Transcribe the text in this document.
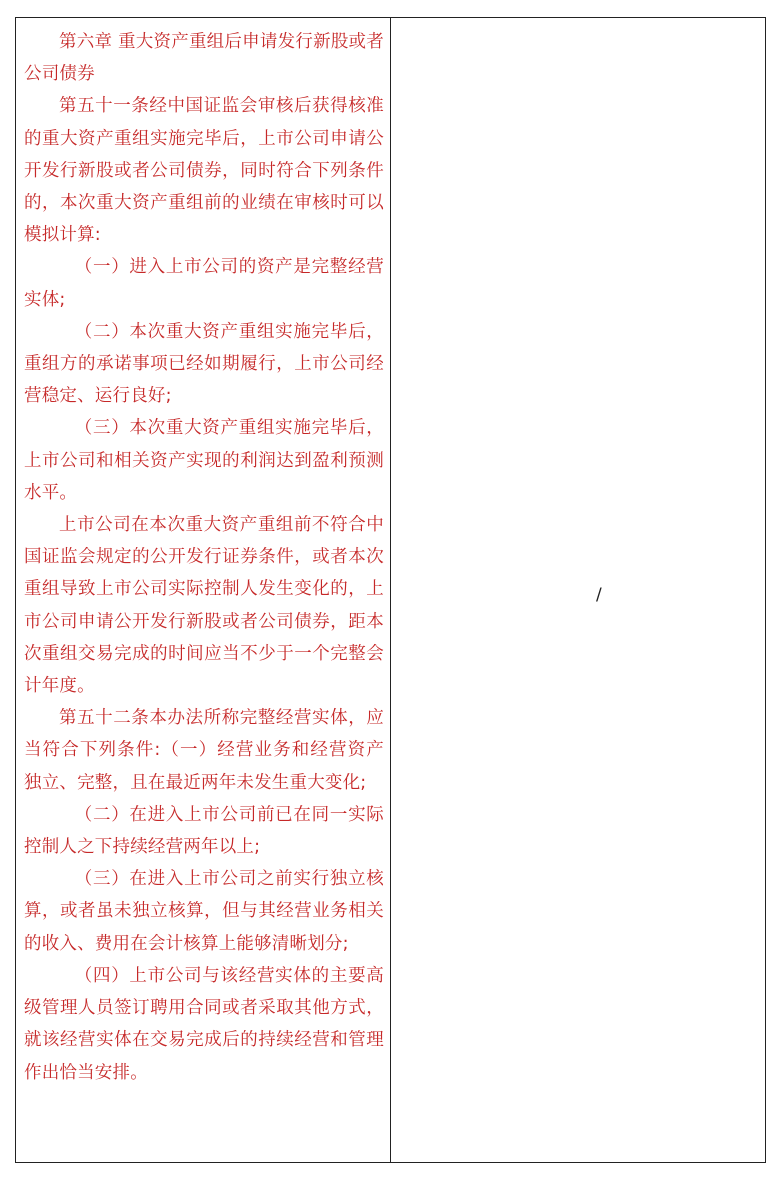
第六章 重大资产重组后申请发行新股或者公司债券

第五十一条经中国证监会审核后获得核准的重大资产重组实施完毕后，上市公司申请公开发行新股或者公司债券，同时符合下列条件的，本次重大资产重组前的业绩在审核时可以模拟计算:

（一）进入上市公司的资产是完整经营实体;

（二）本次重大资产重组实施完毕后，重组方的承诺事项已经如期履行，上市公司经营稳定、运行良好;

（三）本次重大资产重组实施完毕后，上市公司和相关资产实现的利润达到盈利预测水平。

上市公司在本次重大资产重组前不符合中国证监会规定的公开发行证券条件，或者本次重组导致上市公司实际控制人发生变化的，上市公司申请公开发行新股或者公司债券，距本次重组交易完成的时间应当不少于一个完整会计年度。

第五十二条本办法所称完整经营实体，应当符合下列条件:（一）经营业务和经营资产独立、完整，且在最近两年未发生重大变化;

（二）在进入上市公司前已在同一实际控制人之下持续经营两年以上;

（三）在进入上市公司之前实行独立核算，或者虽未独立核算，但与其经营业务相关的收入、费用在会计核算上能够清晰划分;

（四）上市公司与该经营实体的主要高级管理人员签订聘用合同或者采取其他方式，就该经营实体在交易完成后的持续经营和管理作出恰当安排。

/
